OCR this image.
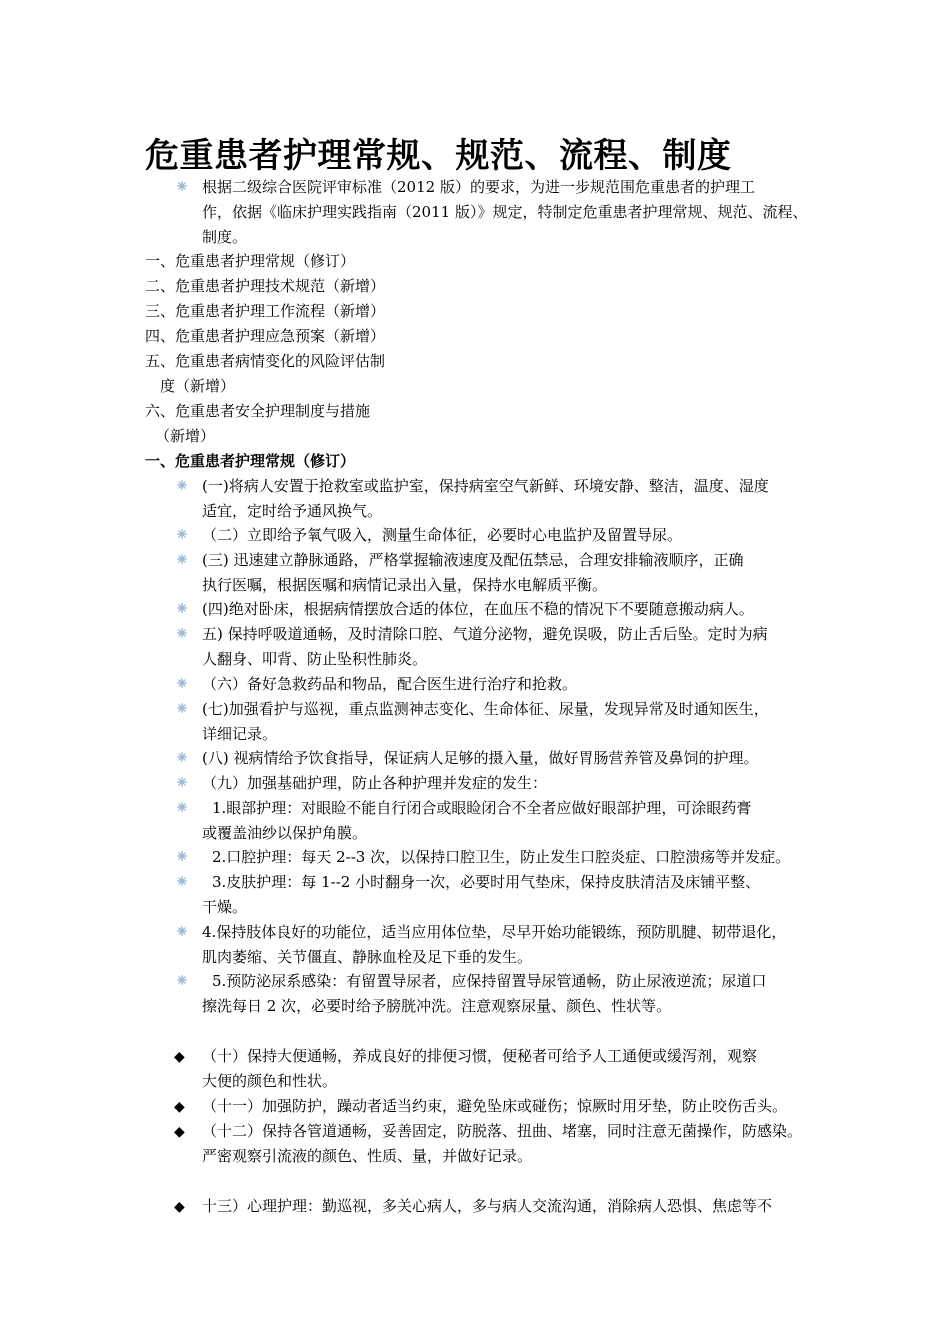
危重患者护理常规、规范、流程、制度
根据二级综合医院评审标准（2012 版）的要求，为进一步规范围危重患者的护理工
作，依据《临床护理实践指南（2011 版）》规定，特制定危重患者护理常规、规范、流程、
制度。
一、危重患者护理常规（修订）
二、危重患者护理技术规范（新增）
三、危重患者护理工作流程（新增）
四、危重患者护理应急预案（新增）
五、危重患者病情变化的风险评估制
度（新增）
六、危重患者安全护理制度与措施
（新增）
一、危重患者护理常规（修订）
(一)将病人安置于抢救室或监护室，保持病室空气新鲜、环境安静、整洁，温度、湿度
适宜，定时给予通风换气。
（二）立即给予氧气吸入，测量生命体征，必要时心电监护及留置导尿。
(三) 迅速建立静脉通路，严格掌握输液速度及配伍禁忌，合理安排输液顺序，正确
执行医嘱，根据医嘱和病情记录出入量，保持水电解质平衡。
(四)绝对卧床，根据病情摆放合适的体位，在血压不稳的情况下不要随意搬动病人。
五) 保持呼吸道通畅，及时清除口腔、气道分泌物，避免误吸，防止舌后坠。定时为病
人翻身、叩背、防止坠积性肺炎。
（六）备好急救药品和物品，配合医生进行治疗和抢救。
(七)加强看护与巡视，重点监测神志变化、生命体征、尿量，发现异常及时通知医生，
详细记录。
(八) 视病情给予饮食指导，保证病人足够的摄入量，做好胃肠营养管及鼻饲的护理。
（九）加强基础护理，防止各种护理并发症的发生：
1.眼部护理：对眼睑不能自行闭合或眼睑闭合不全者应做好眼部护理，可涂眼药膏
或覆盖油纱以保护角膜。
2.口腔护理：每天 2--3 次，以保持口腔卫生，防止发生口腔炎症、口腔溃疡等并发症。
3.皮肤护理：每 1--2 小时翻身一次，必要时用气垫床，保持皮肤清洁及床铺平整、
干燥。
4.保持肢体良好的功能位，适当应用体位垫，尽早开始功能锻练，预防肌腱、韧带退化，
肌肉萎缩、关节僵直、静脉血栓及足下垂的发生。
5.预防泌尿系感染：有留置导尿者，应保持留置导尿管通畅，防止尿液逆流；尿道口
擦洗每日 2 次，必要时给予膀胱冲洗。注意观察尿量、颜色、性状等。
◆ （十）保持大便通畅，养成良好的排便习惯，便秘者可给予人工通便或缓泻剂，观察
大便的颜色和性状。
◆ （十一）加强防护，躁动者适当约束，避免坠床或碰伤；惊厥时用牙垫，防止咬伤舌头。
◆ （十二）保持各管道通畅，妥善固定，防脱落、扭曲、堵塞，同时注意无菌操作，防感染。
严密观察引流液的颜色、性质、量，并做好记录。
◆ 十三）心理护理：勤巡视，多关心病人，多与病人交流沟通，消除病人恐惧、焦虑等不
